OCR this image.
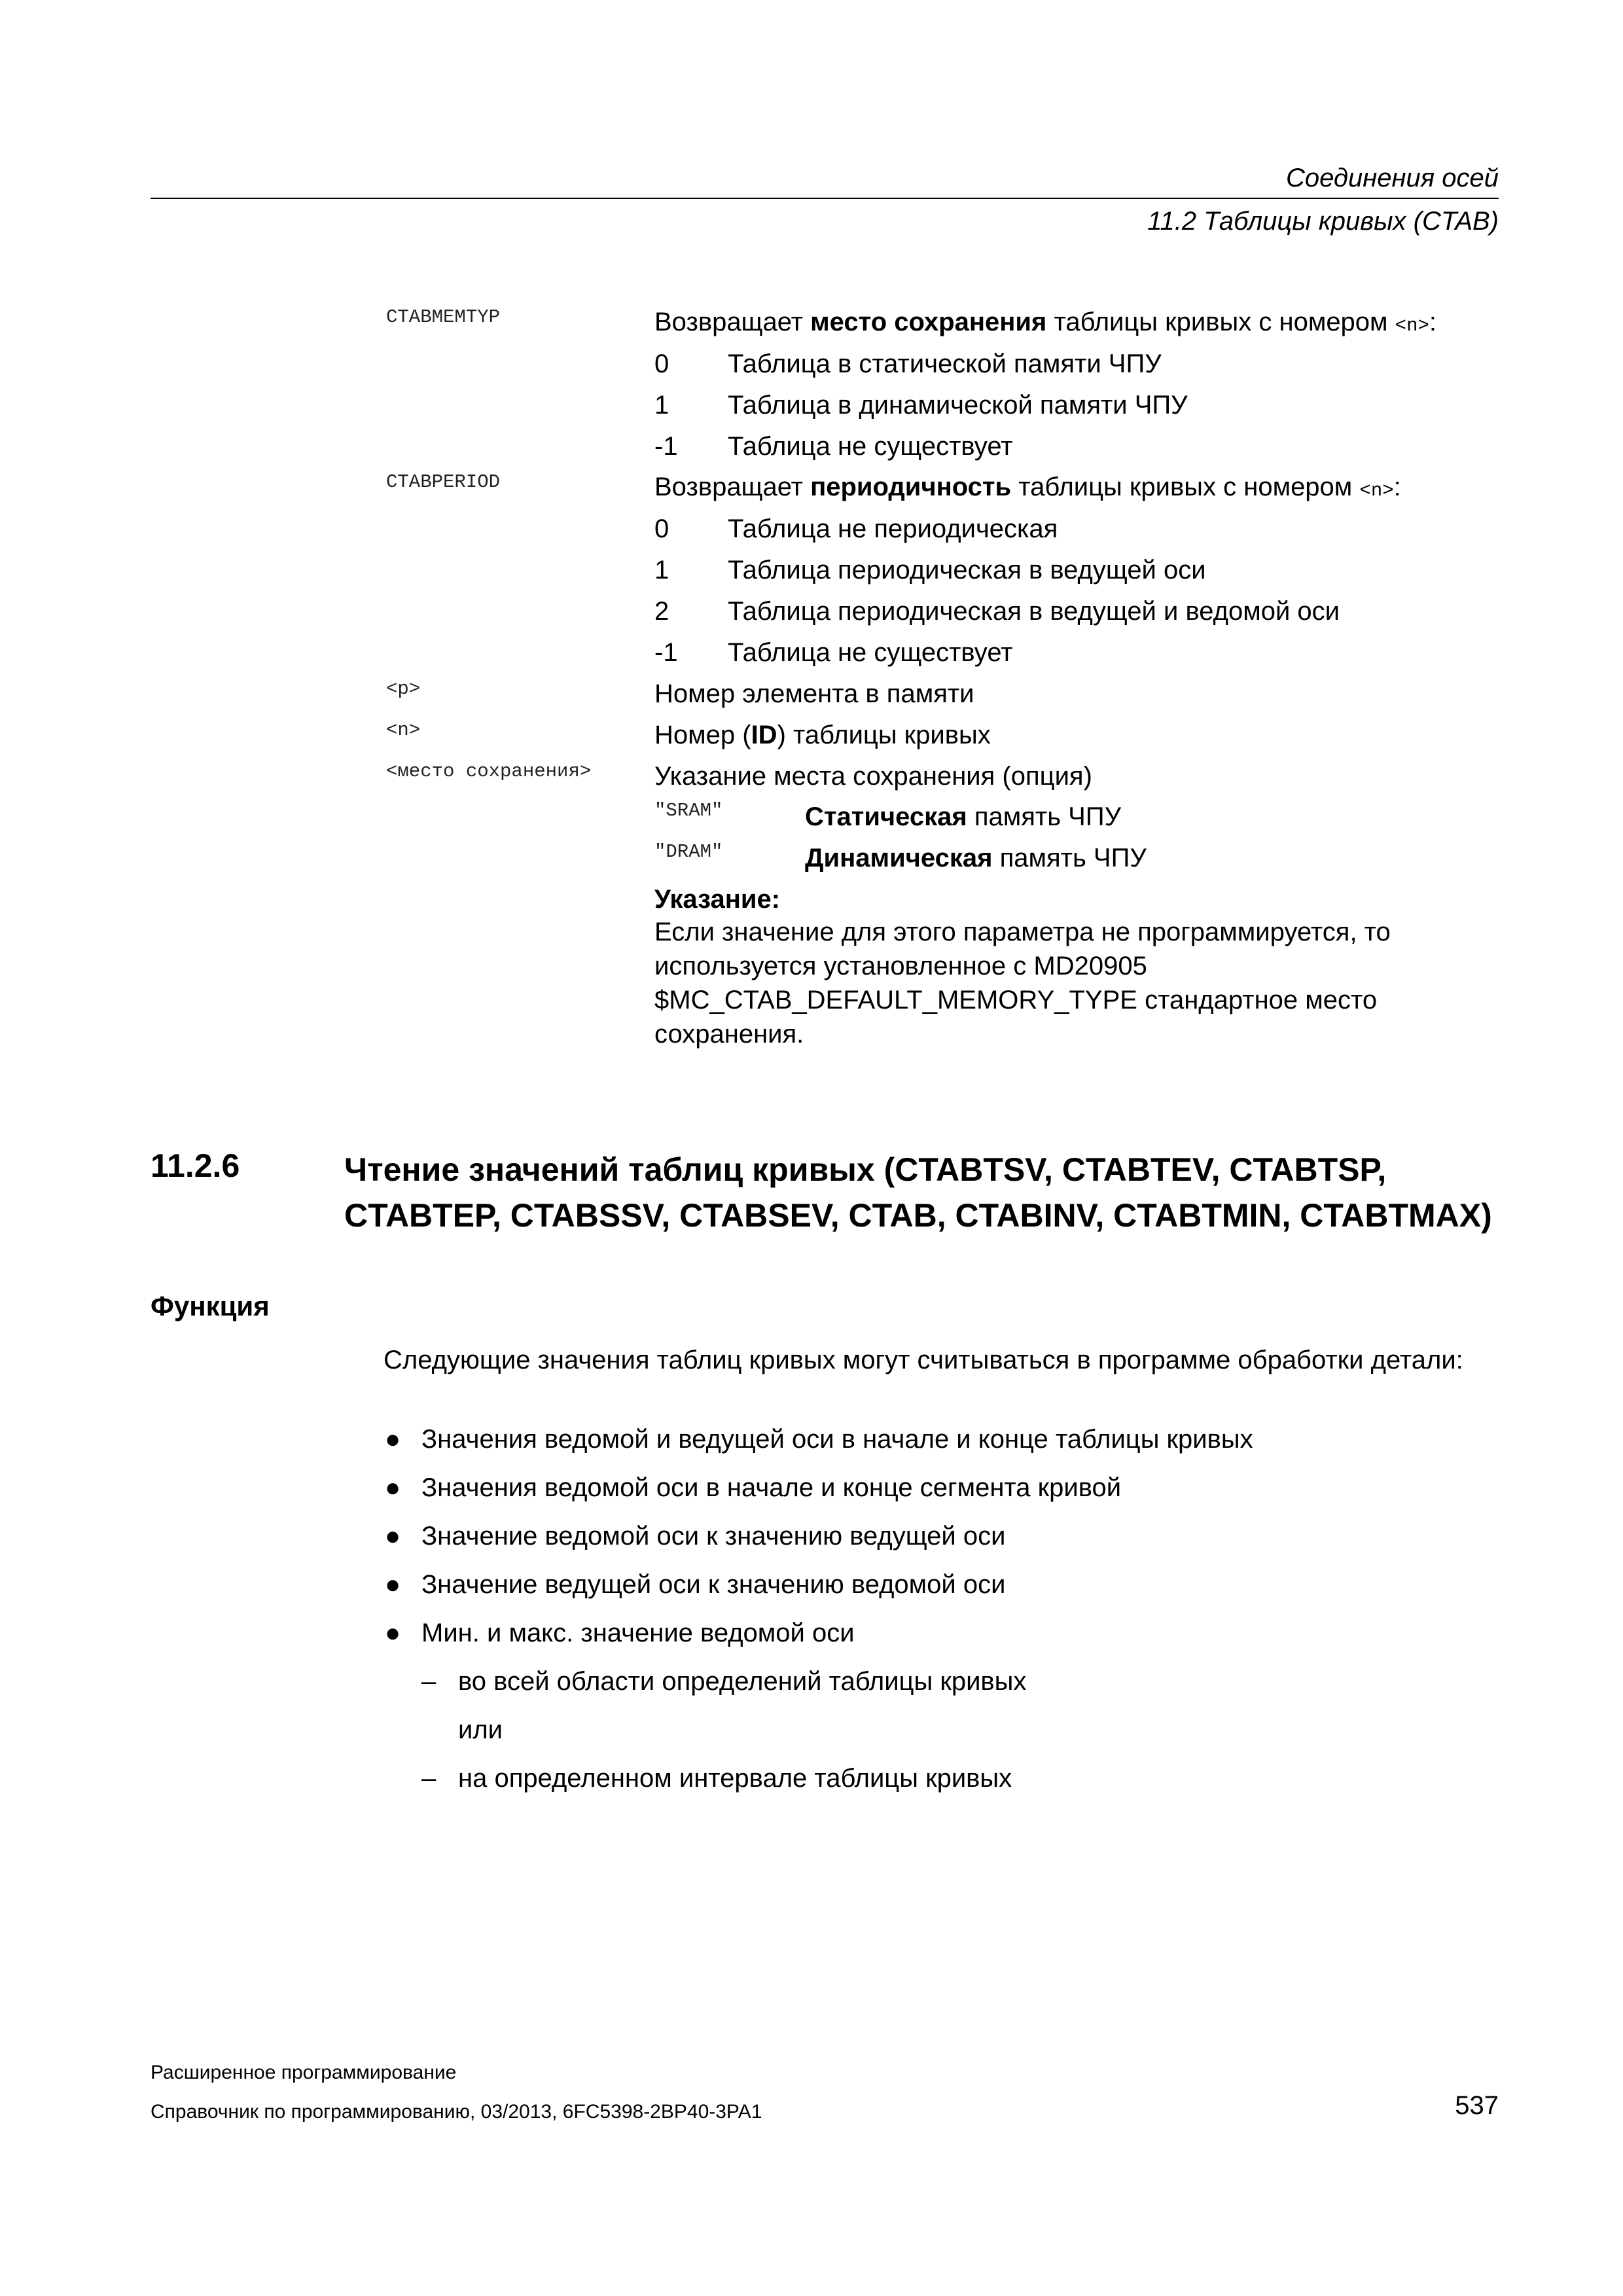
Соединения осей
11.2 Таблицы кривых (CTAB)
CTABMEMTYP	Возвращает место сохранения таблицы кривых с номером <n>:
0 Таблица в статической памяти ЧПУ
1 Таблица в динамической памяти ЧПУ
-1 Таблица не существует
CTABPERIOD	Возвращает периодичность таблицы кривых с номером <n>:
0 Таблица не периодическая
1 Таблица периодическая в ведущей оси
2 Таблица периодическая в ведущей и ведомой оси
-1 Таблица не существует
<p>	Номер элемента в памяти
<n>	Номер (ID) таблицы кривых
<место сохранения> Указание места сохранения (опция)
"SRAM"	Статическая память ЧПУ
"DRAM"	Динамическая память ЧПУ
Указание:
Если значение для этого параметра не программируется, то используется установленное с MD20905 $MC_CTAB_DEFAULT_MEMORY_TYPE стандартное место сохранения.
11.2.6	Чтение значений таблиц кривых (CTABTSV, CTABTEV, CTABTSP,
CTABTEP, CTABSSV, CTABSEV, CTAB, CTABINV, CTABTMIN, CTABTMAX)
Функция
Следующие значения таблиц кривых могут считываться в программе обработки детали:
● Значения ведомой и ведущей оси в начале и конце таблицы кривых
● Значения ведомой оси в начале и конце сегмента кривой
● Значение ведомой оси к значению ведущей оси
● Значение ведущей оси к значению ведомой оси
● Мин. и макс. значение ведомой оси
– во всей области определений таблицы кривых
или
– на определенном интервале таблицы кривых
Расширенное программирование
Справочник по программированию, 03/2013, 6FC5398-2BP40-3PA1	537
